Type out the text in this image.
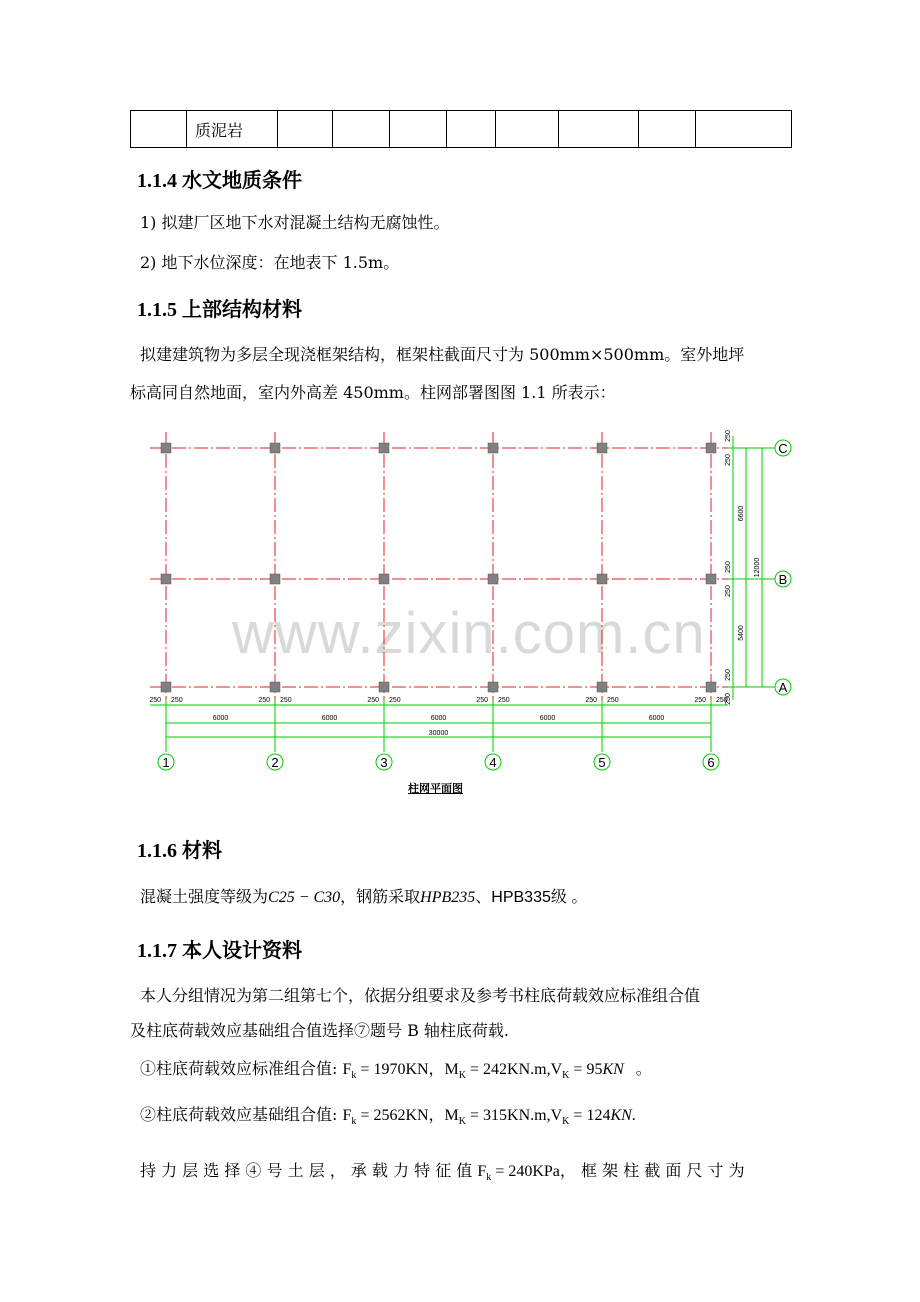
	质泥岩								
1.1.4 水文地质条件
1) 拟建厂区地下水对混凝土结构无腐蚀性。
2) 地下水位深度：在地表下 1.5m。
1.1.5 上部结构材料
拟建建筑物为多层全现浇框架结构，框架柱截面尺寸为 500mm×500mm。室外地坪
标高同自然地面，室内外高差 450mm。柱网部署图图 1.1 所表示：
www.zixin.com.cn
1
250 250
2
250 250
3
250 250
4
250 250
5
250 250
6
250 250
6000	6000	6000	6000	6000
30000
C
250
250
B
250
250
A
250
250
6600
5400
12000
柱网平面图
1.1.6 材料
混凝土强度等级为C25 − C30，钢筋采取HPB235、HPB335级 。
1.1.7 本人设计资料
本人分组情况为第二组第七个，依据分组要求及参考书柱底荷载效应标准组合值
及柱底荷载效应基础组合值选择⑦题号 B 轴柱底荷载.
①柱底荷载效应标准组合值: $F_k = 1970KN$，$M_K = 242KN.m,V_K = 95KN$   。
②柱底荷载效应基础组合值: $F_k = 2562KN$，$M_K = 315KN.m,V_K = 124KN$.
持 力 层 选 择 ④ 号 土 层 ， 承 载 力 特 征 值 $F_k = 240KPa$， 框 架 柱 截 面 尺 寸 为
